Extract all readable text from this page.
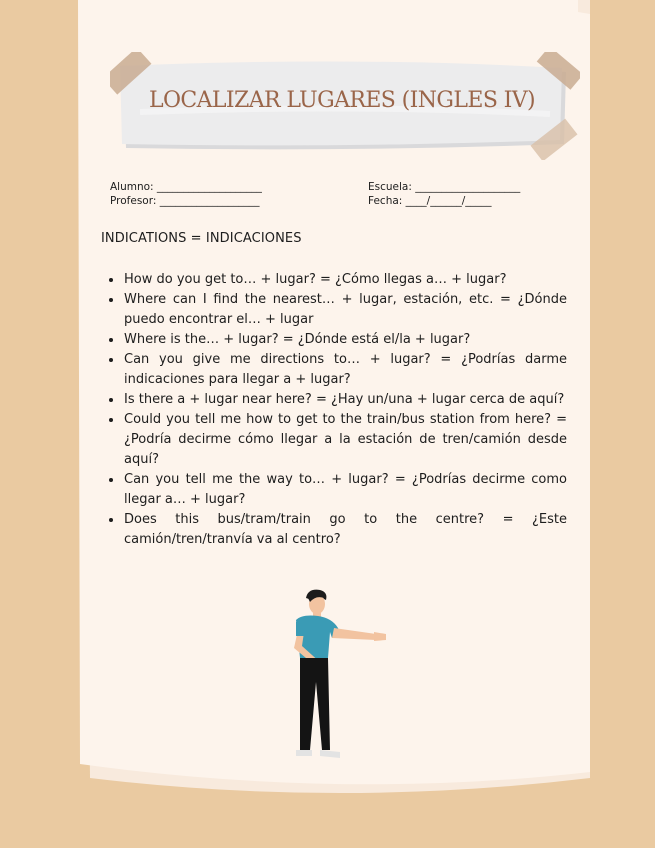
LOCALIZAR LUGARES (INGLES IV)
Alumno: ____________________
Profesor: ___________________
Escuela: ____________________
Fecha: ____/______/_____
INDICATIONS = INDICACIONES
How do you get to… + lugar? = ¿Cómo llegas a… + lugar?
Where can I find the nearest… + lugar, estación, etc. = ¿Dónde puedo encontrar el… + lugar
Where is the… + lugar? = ¿Dónde está el/la + lugar?
Can you give me directions to… + lugar? = ¿Podrías darme indicaciones para llegar a + lugar?
Is there a + lugar near here? = ¿Hay un/una + lugar cerca de aquí?
Could you tell me how to get to the train/bus station from here? = ¿Podría decirme cómo llegar a la estación de tren/camión desde aquí?
Can you tell me the way to… + lugar? = ¿Podrías decirme como llegar a… + lugar?
Does this bus/tram/train go to the centre? = ¿Este camión/tren/tranvía va al centro?
